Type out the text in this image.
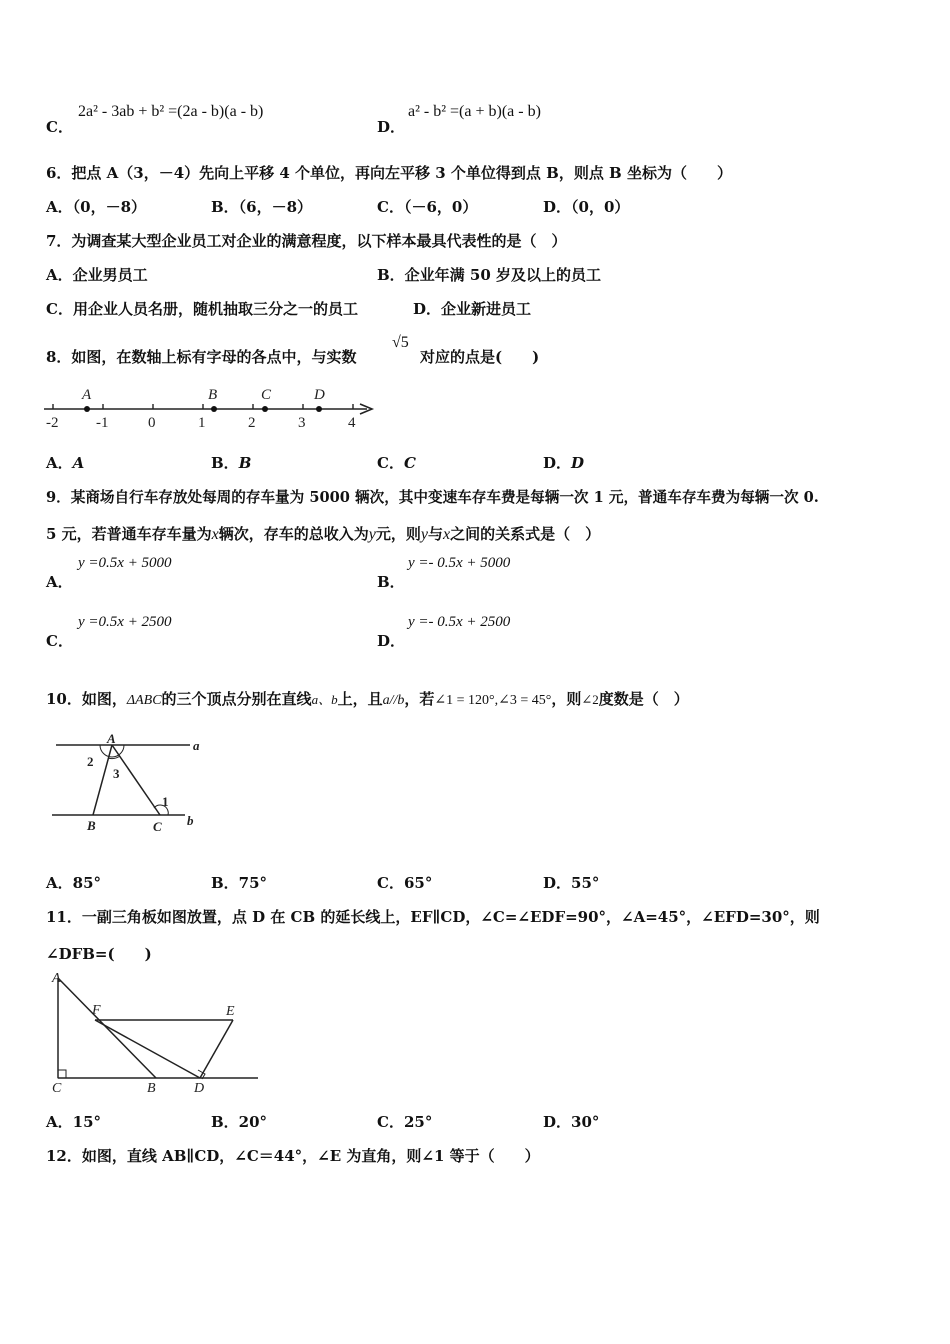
C．
2a² - 3ab + b² =(2a - b)(a - b)
D．
a² - b² =(a + b)(a - b)
6．把点 A（3，－4）先向上平移 4 个单位，再向左平移 3 个单位得到点 B，则点 B 坐标为（　　）
A．（0，－8）	B．（6，－8）	C．（－6，0）	D．（0，0）
7．为调查某大型企业员工对企业的满意程度，以下样本最具代表性的是（　）
A．企业男员工	B．企业年满 50 岁及以上的员工
C．用企业人员名册，随机抽取三分之一的员工	D．企业新进员工
8．如图，在数轴上标有字母的各点中，与实数
√5
对应的点是(　　)
-2	-1	0	1	2	3	4
A	B	C	D
A．A	B．B	C．C	D．D
9．某商场自行车存放处每周的存车量为 5000 辆次，其中变速车存车费是每辆一次 1 元，普通车存车费为每辆一次 0.
5 元，若普通车存车量为x辆次，存车的总收入为y元，则y与x之间的关系式是（　）
A．
y =0.5x + 5000
B．
y =- 0.5x + 5000
C．
y =0.5x + 2500
D．
y =- 0.5x + 2500
10．如图，ΔABC的三个顶点分别在直线a、b上，且a//b，若∠1 = 120°,∠3 = 45°，则∠2度数是（　）
A	a
2
3
1
B	C b
A．85°	B．75°	C．65°	D．55°
11．一副三角板如图放置，点 D 在 CB 的延长线上，EF∥CD，∠C=∠EDF=90°，∠A=45°，∠EFD=30°，则
∠DFB=(　　)
A
F	E
C	B	D
A．15°	B．20°	C．25°	D．30°
12．如图，直线 AB∥CD，∠C＝44°，∠E 为直角，则∠1 等于（　　）
